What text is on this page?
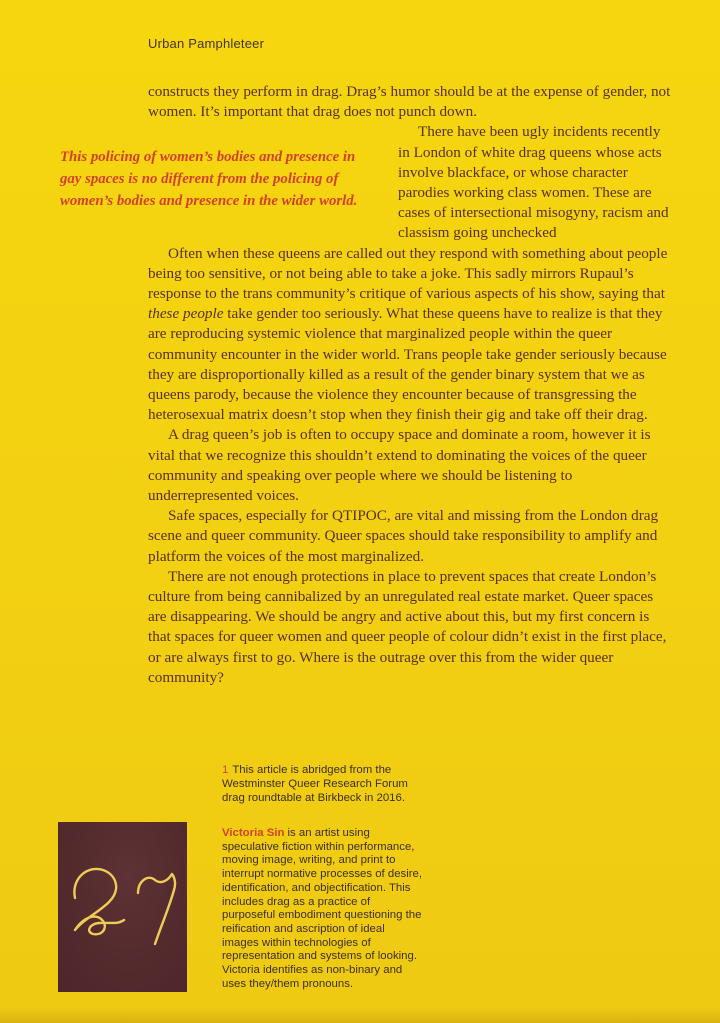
Urban Pamphleteer

constructs they perform in drag. Drag’s humor should be at the expense of gender, not women. It’s important that drag does not punch down.

This policing of women’s bodies and presence in
gay spaces is no different from the policing of
women’s bodies and presence in the wider world.

There have been ugly incidents recently in London of white drag queens whose acts involve blackface, or whose character parodies working class women. These are cases of intersectional misogyny, racism and classism going unchecked

Often when these queens are called out they respond with something about people being too sensitive, or not being able to take a joke. This sadly mirrors Rupaul’s response to the trans community’s critique of various aspects of his show, saying that these people take gender too seriously. What these queens have to realize is that they are reproducing systemic violence that marginalized people within the queer community encounter in the wider world. Trans people take gender seriously because they are disproportionally killed as a result of the gender binary system that we as queens parody, because the violence they encounter because of transgressing the heterosexual matrix doesn’t stop when they finish their gig and take off their drag.

A drag queen’s job is often to occupy space and dominate a room, however it is vital that we recognize this shouldn’t extend to dominating the voices of the queer community and speaking over people where we should be listening to underrepresented voices.

Safe spaces, especially for QTIPOC, are vital and missing from the London drag scene and queer community. Queer spaces should take responsibility to amplify and platform the voices of the most marginalized.

There are not enough protections in place to prevent spaces that create London’s culture from being cannibalized by an unregulated real estate market. Queer spaces are disappearing. We should be angry and active about this, but my first concern is that spaces for queer women and queer people of colour didn’t exist in the first place, or are always first to go. Where is the outrage over this from the wider queer community?

1 This article is abridged from the Westminster Queer Research Forum drag roundtable at Birkbeck in 2016.
Victoria Sin is an artist using speculative fiction within performance, moving image, writing, and print to interrupt normative processes of desire, identification, and objectification. This includes drag as a practice of purposeful embodiment questioning the reification and ascription of ideal images within technologies of representation and systems of looking. Victoria identifies as non-binary and uses they/them pronouns.
